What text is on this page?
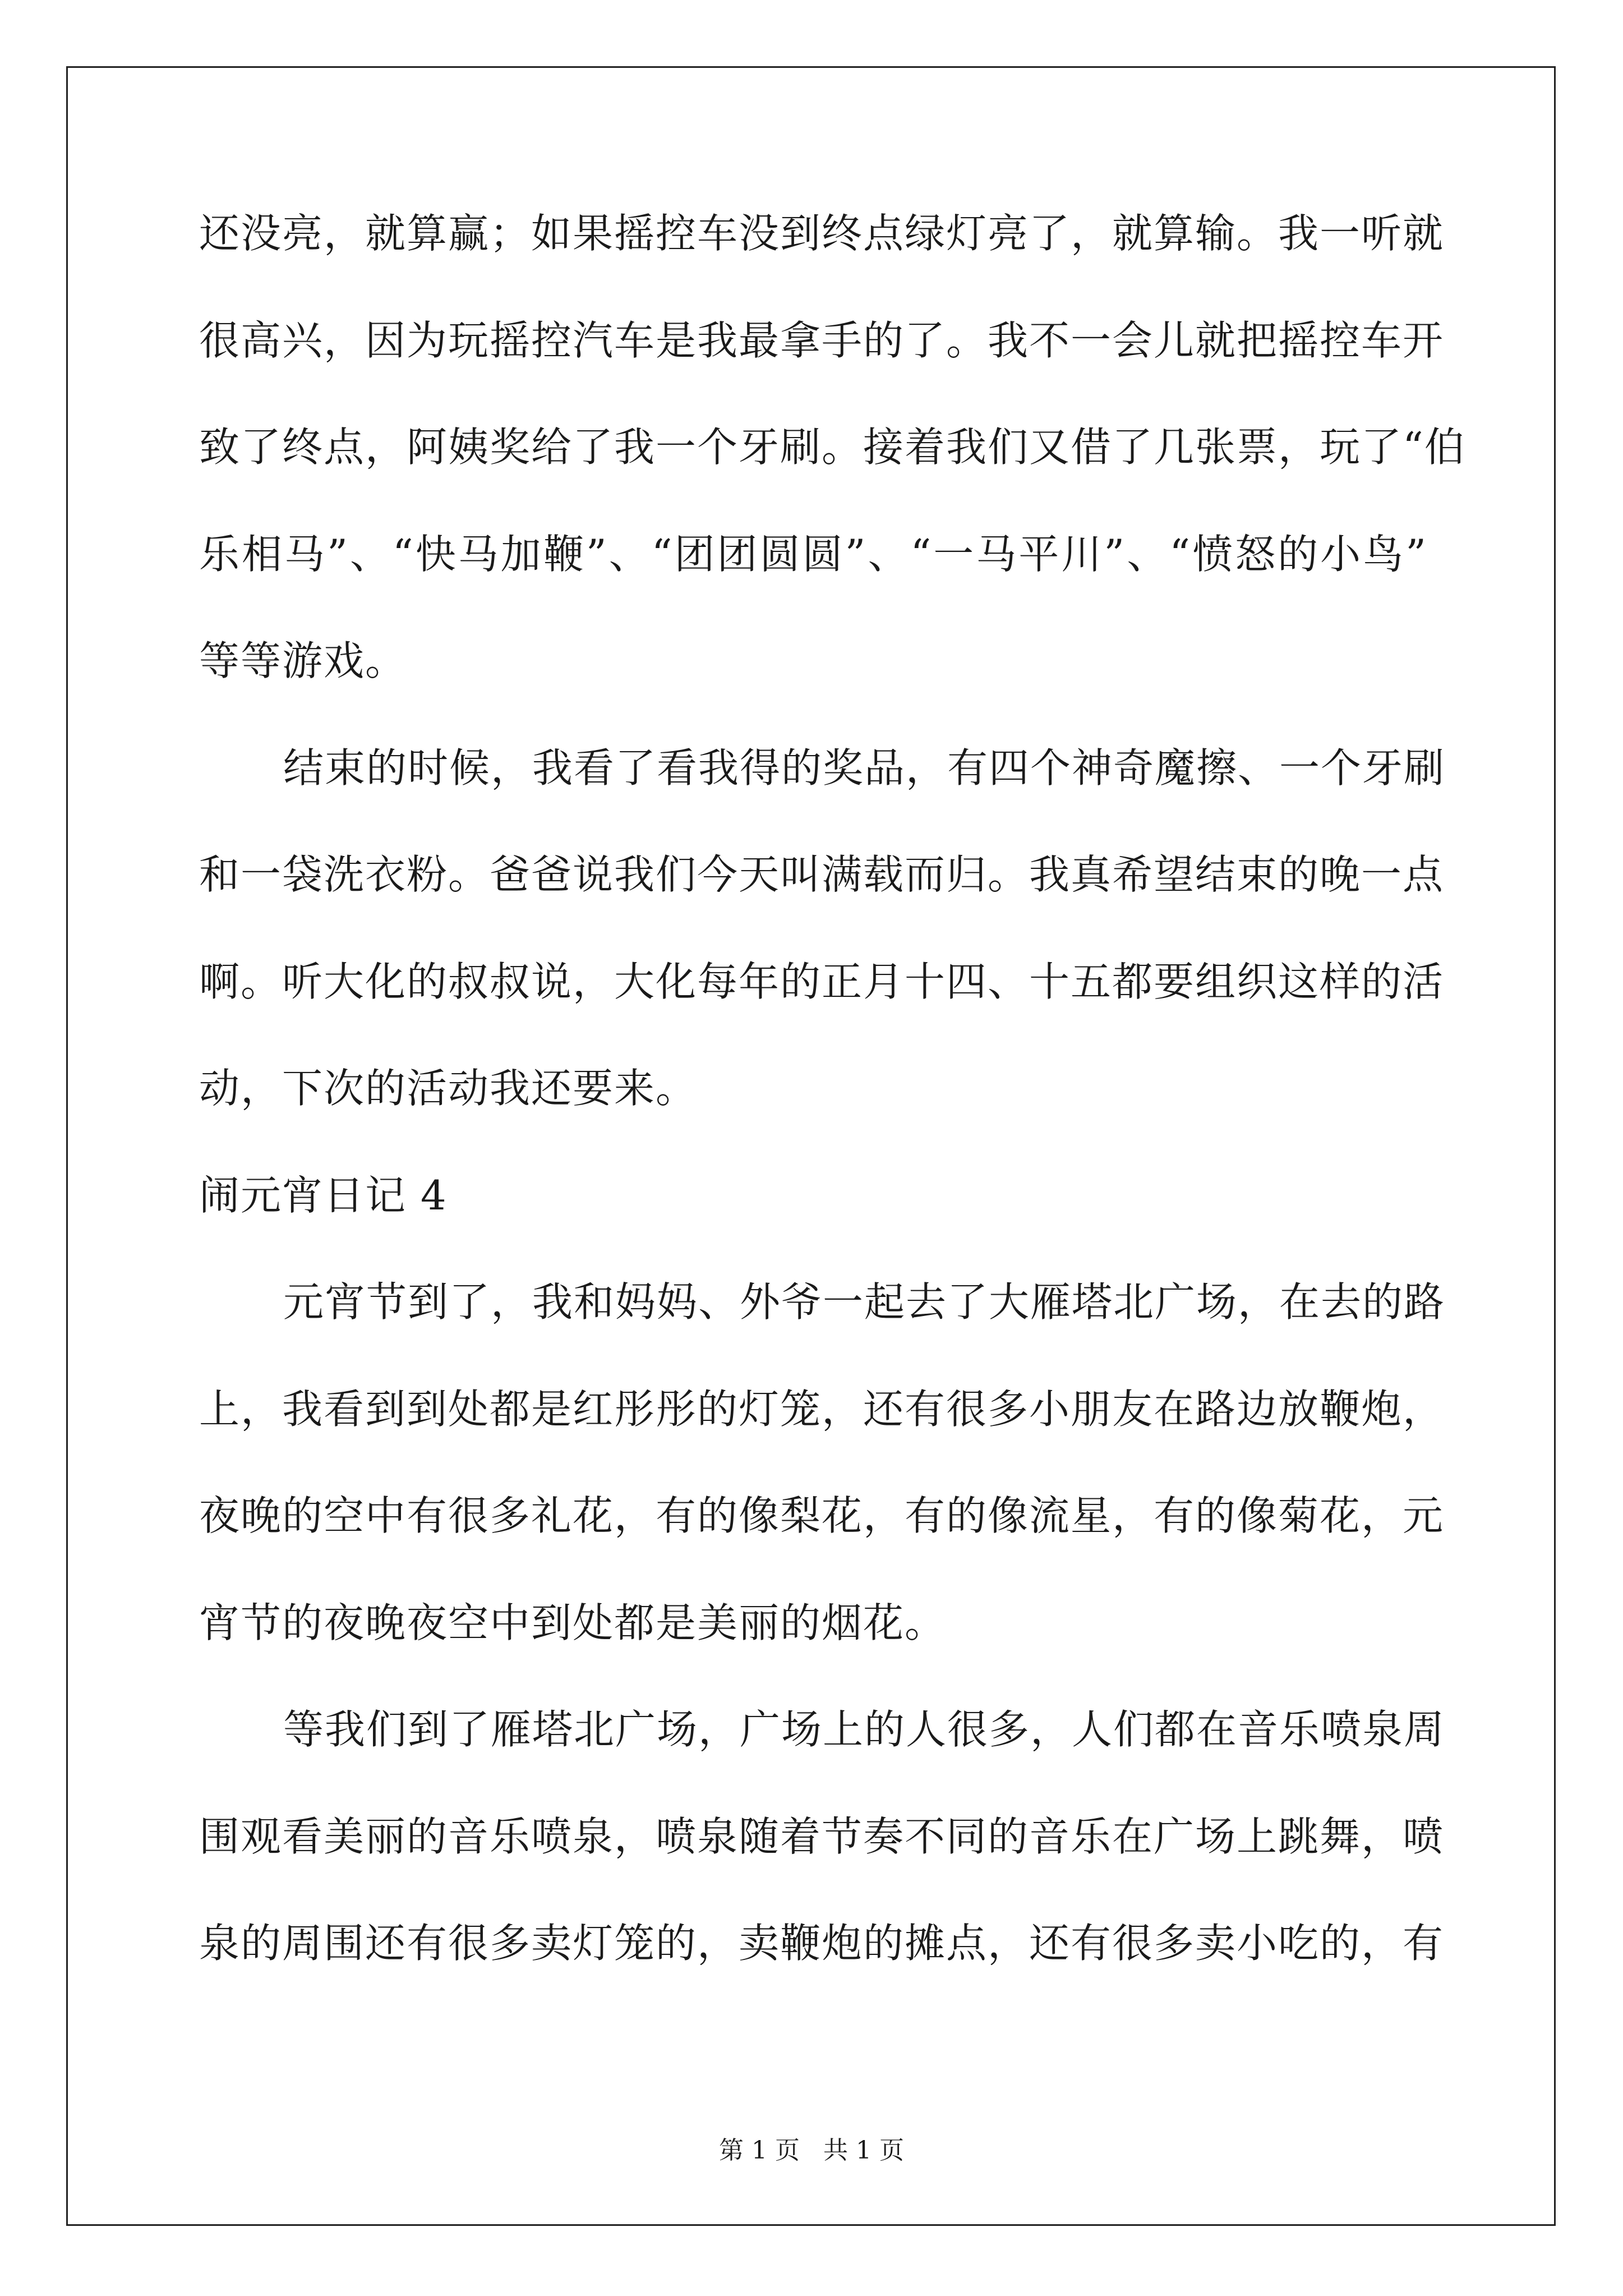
还没亮，就算赢；如果摇控车没到终点绿灯亮了，就算输。我一听就
很高兴，因为玩摇控汽车是我最拿手的了。我不一会儿就把摇控车开
致了终点，阿姨奖给了我一个牙刷。接着我们又借了几张票，玩了“伯
乐相马”、“快马加鞭”、“团团圆圆”、“一马平川”、“愤怒的小鸟”
等等游戏。
结束的时候，我看了看我得的奖品，有四个神奇魔擦、一个牙刷
和一袋洗衣粉。爸爸说我们今天叫满载而归。我真希望结束的晚一点
啊。听大化的叔叔说，大化每年的正月十四、十五都要组织这样的活
动，下次的活动我还要来。
闹元宵日记 4
元宵节到了，我和妈妈、外爷一起去了大雁塔北广场，在去的路
上，我看到到处都是红彤彤的灯笼，还有很多小朋友在路边放鞭炮，
夜晚的空中有很多礼花，有的像梨花，有的像流星，有的像菊花，元
宵节的夜晚夜空中到处都是美丽的烟花。
等我们到了雁塔北广场，广场上的人很多，人们都在音乐喷泉周
围观看美丽的音乐喷泉，喷泉随着节奏不同的音乐在广场上跳舞，喷
泉的周围还有很多卖灯笼的，卖鞭炮的摊点，还有很多卖小吃的，有
第 1 页 共 1 页
